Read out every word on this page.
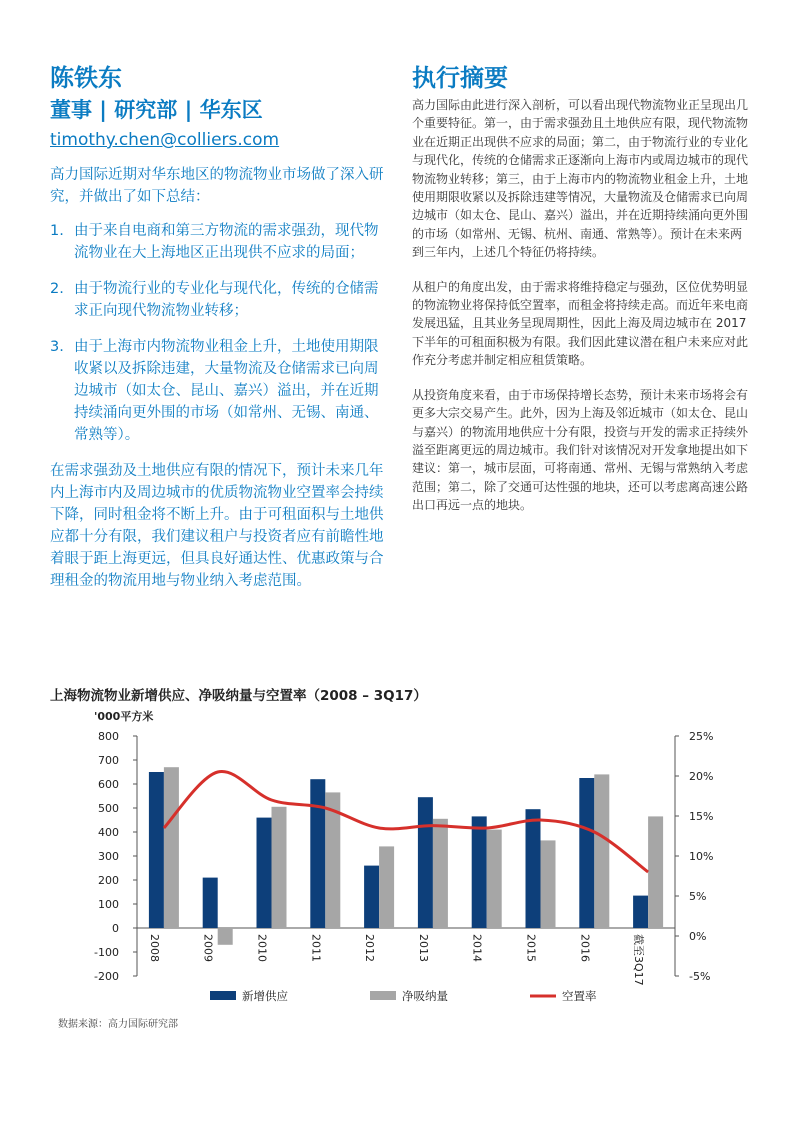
陈铁东
董事 | 研究部 | 华东区
timothy.chen@colliers.com
高力国际近期对华东地区的物流物业市场做了深入研究，并做出了如下总结：
1. 由于来自电商和第三方物流的需求强劲，现代物流物业在大上海地区正出现供不应求的局面；
2. 由于物流行业的专业化与现代化，传统的仓储需求正向现代物流物业转移；
3. 由于上海市内物流物业租金上升，土地使用期限收紧以及拆除违建，大量物流及仓储需求已向周边城市（如太仓、昆山、嘉兴）溢出，并在近期持续涌向更外围的市场（如常州、无锡、南通、常熟等）。
在需求强劲及土地供应有限的情况下，预计未来几年内上海市内及周边城市的优质物流物业空置率会持续下降，同时租金将不断上升。由于可租面积与土地供应都十分有限，我们建议租户与投资者应有前瞻性地着眼于距上海更远，但具良好通达性、优惠政策与合理租金的物流用地与物业纳入考虑范围。
执行摘要

高力国际由此进行深入剖析，可以看出现代物流物业正呈现出几个重要特征。第一，由于需求强劲且土地供应有限，现代物流物业在近期正出现供不应求的局面；第二，由于物流行业的专业化与现代化，传统的仓储需求正逐渐向上海市内或周边城市的现代物流物业转移；第三，由于上海市内的物流物业租金上升，土地使用期限收紧以及拆除违建等情况，大量物流及仓储需求已向周边城市（如太仓、昆山、嘉兴）溢出，并在近期持续涌向更外围的市场（如常州、无锡、杭州、南通、常熟等）。预计在未来两到三年内，上述几个特征仍将持续。

从租户的角度出发，由于需求将维持稳定与强劲，区位优势明显的物流物业将保持低空置率，而租金将持续走高。而近年来电商发展迅猛，且其业务呈现周期性，因此上海及周边城市在 2017 下半年的可租面积极为有限。我们因此建议潜在租户未来应对此作充分考虑并制定相应租赁策略。

从投资角度来看，由于市场保持增长态势，预计未来市场将会有更多大宗交易产生。此外，因为上海及邻近城市（如太仓、昆山与嘉兴）的物流用地供应十分有限，投资与开发的需求正持续外溢至距离更远的周边城市。我们针对该情况对开发拿地提出如下建议：第一，城市层面，可将南通、常州、无锡与常熟纳入考虑范围；第二，除了交通可达性强的地块，还可以考虑离高速公路出口再远一点的地块。

上海物流物业新增供应、净吸纳量与空置率（2008 – 3Q17）
'000平方米
800
700
600
500
400
300
200
100
0
-100
-200
25%
20%
15%
10%
5%
0%
-5%
2008	2009	2010	2011	2012	2013	2014	2015	2016	截至3Q17
新增供应	净吸纳量	空置率
数据来源：高力国际研究部
